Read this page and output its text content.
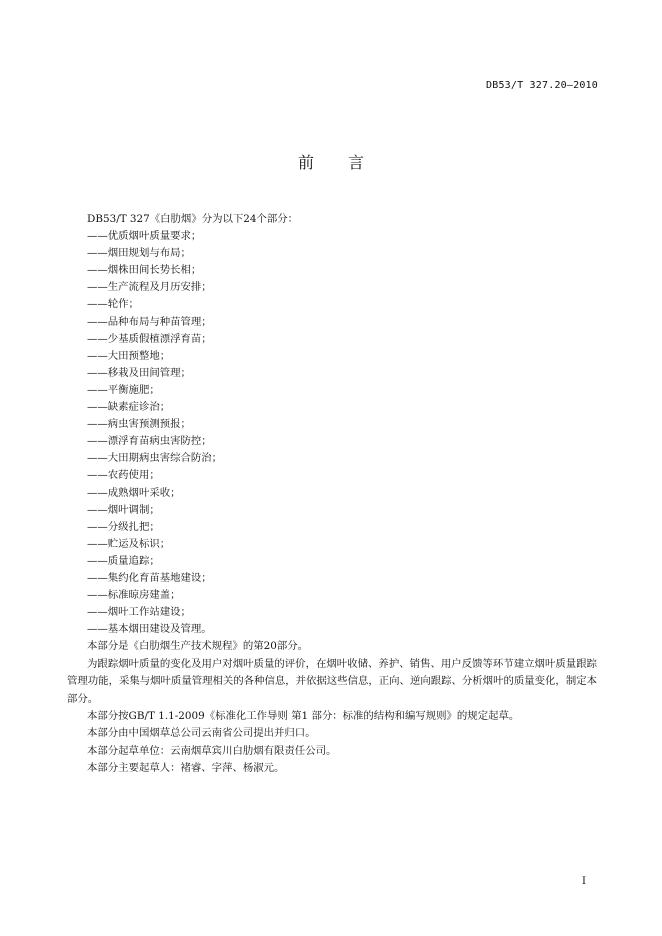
DB53/T 327.20—2010
前言
DB53/T 327《白肋烟》分为以下24个部分：
——优质烟叶质量要求；
——烟田规划与布局；
——烟株田间长势长相；
——生产流程及月历安排；
——轮作；
——品种布局与种苗管理；
——少基质假植漂浮育苗；
——大田预整地；
——移栽及田间管理；
——平衡施肥；
——缺素症诊治；
——病虫害预测预报；
——漂浮育苗病虫害防控；
——大田期病虫害综合防治；
——农药使用；
——成熟烟叶采收；
——烟叶调制；
——分级扎把；
——贮运及标识；
——质量追踪；
——集约化育苗基地建设；
——标准晾房建盖；
——烟叶工作站建设；
——基本烟田建设及管理。
本部分是《白肋烟生产技术规程》的第20部分。
为跟踪烟叶质量的变化及用户对烟叶质量的评价，在烟叶收储、养护、销售、用户反馈等环节建立烟叶质量跟踪管理功能，采集与烟叶质量管理相关的各种信息，并依据这些信息，正向、逆向跟踪、分析烟叶的质量变化，制定本部分。
本部分按GB/T 1.1-2009《标准化工作导则 第1 部分：标准的结构和编写规则》的规定起草。
本部分由中国烟草总公司云南省公司提出并归口。
本部分起草单位：云南烟草宾川白肋烟有限责任公司。
本部分主要起草人：褚睿、字萍、杨淑元。
I
